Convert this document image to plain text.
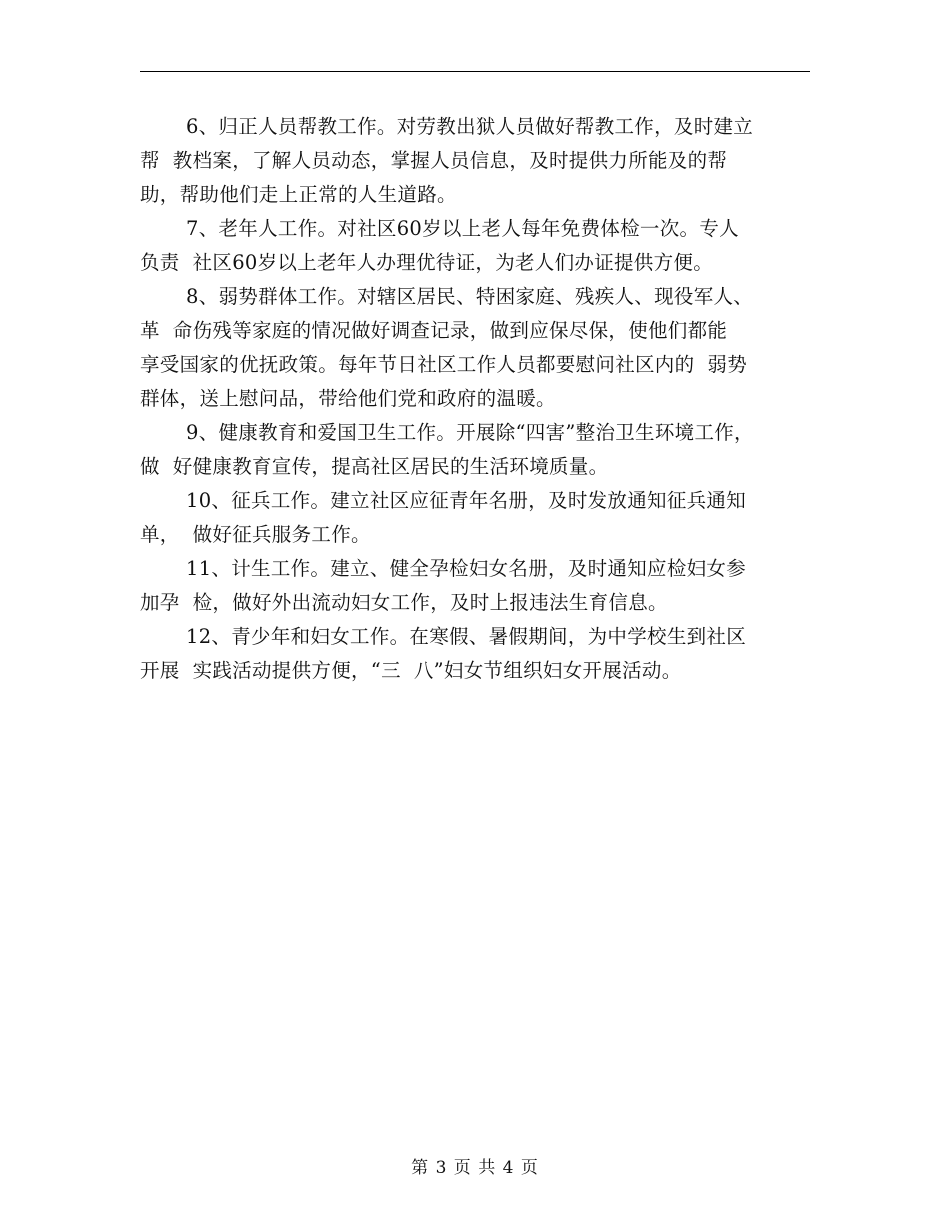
6、归正人员帮教工作。对劳教出狱人员做好帮教工作，及时建立
帮  教档案，了解人员动态，掌握人员信息，及时提供力所能及的帮
助，帮助他们走上正常的人生道路。
7、老年人工作。对社区60岁以上老人每年免费体检一次。专人
负责  社区60岁以上老年人办理优待证，为老人们办证提供方便。
8、弱势群体工作。对辖区居民、特困家庭、残疾人、现役军人、
革  命伤残等家庭的情况做好调查记录，做到应保尽保，使他们都能
享受国家的优抚政策。每年节日社区工作人员都要慰问社区内的  弱势
群体，送上慰问品，带给他们党和政府的温暖。
9、健康教育和爱国卫生工作。开展除“四害”整治卫生环境工作，
做  好健康教育宣传，提高社区居民的生活环境质量。
10、征兵工作。建立社区应征青年名册，及时发放通知征兵通知
单，  做好征兵服务工作。
11、计生工作。建立、健全孕检妇女名册，及时通知应检妇女参
加孕  检，做好外出流动妇女工作，及时上报违法生育信息。
12、青少年和妇女工作。在寒假、暑假期间，为中学校生到社区
开展  实践活动提供方便，“三  八”妇女节组织妇女开展活动。
第 3 页 共 4 页
